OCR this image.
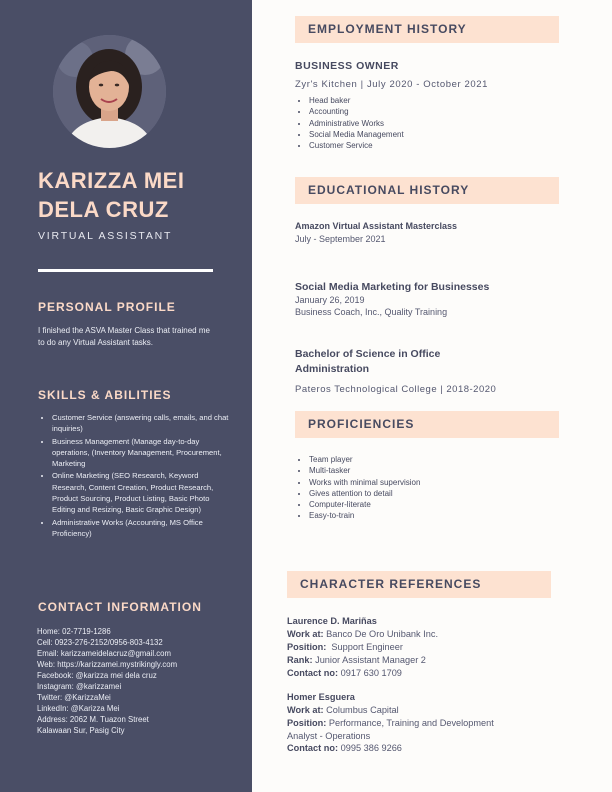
KARIZZA MEI
DELA CRUZ
VIRTUAL ASSISTANT
PERSONAL PROFILE
I finished the ASVA Master Class that trained me to do any Virtual Assistant tasks.
SKILLS & ABILITIES
• Customer Service (answering calls, emails, and chat inquiries)
• Business Management (Manage day-to-day operations, (Inventory Management, Procurement, Marketing
• Online Marketing (SEO Research, Keyword Research, Content Creation, Product Research, Product Sourcing, Product Listing, Basic Photo Editing and Resizing, Basic Graphic Design)
• Administrative Works (Accounting, MS Office Proficiency)
CONTACT INFORMATION
Home: 02-7719-1286
Cell: 0923-276-2152/0956-803-4132
Email: karizzameidelacruz@gmail.com
Web: https://karizzamei.mystrikingly.com
Facebook: @karizza mei dela cruz
Instagram: @karizzamei
Twitter: @KarizzaMei
LinkedIn: @Karizza Mei
Address: 2062 M. Tuazon Street
Kalawaan Sur, Pasig City
EMPLOYMENT HISTORY
BUSINESS OWNER
Zyr's Kitchen | July 2020 - October 2021
• Head baker
• Accounting
• Administrative Works
• Social Media Management
• Customer Service
EDUCATIONAL HISTORY
Amazon Virtual Assistant Masterclass
July - September 2021
Social Media Marketing for Businesses
January 26, 2019
Business Coach, Inc., Quality Training
Bachelor of Science in Office
Administration
Pateros Technological College | 2018-2020
PROFICIENCIES
• Team player
• Multi-tasker
• Works with minimal supervision
• Gives attention to detail
• Computer-literate
• Easy-to-train
CHARACTER REFERENCES
Laurence D. Mariñas
Work at: Banco De Oro Unibank Inc.
Position: Support Engineer
Rank: Junior Assistant Manager 2
Contact no: 0917 630 1709
Homer Esguera
Work at: Columbus Capital
Position: Performance, Training and Development
Analyst - Operations
Contact no: 0995 386 9266
